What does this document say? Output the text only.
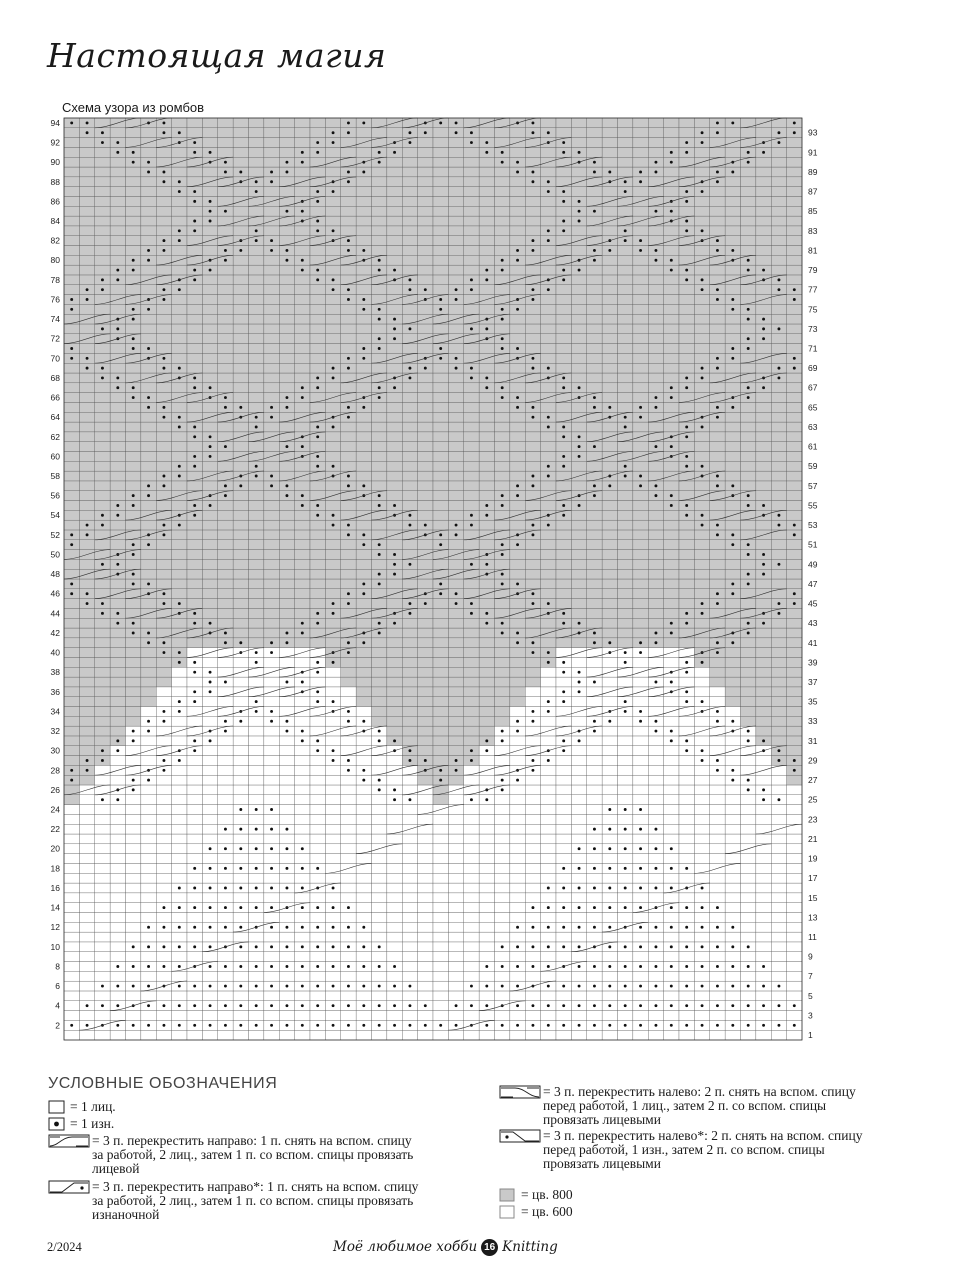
Настоящая магия
Схема узора из ромбов
2
4
6
8
10
12
14
16
18
20
22
24
26
28
30
32
34
36
38
40
42
44
46
48
50
52
54
56
58
60
62
64
66
68
70
72
74
76
78
80
82
84
86
88
90
92
94
1
3
5
7
9
11
13
15
17
19
21
23
25
27
29
31
33
35
37
39
41
43
45
47
49
51
53
55
57
59
61
63
65
67
69
71
73
75
77
79
81
83
85
87
89
91
93
УСЛОВНЫЕ ОБОЗНАЧЕНИЯ
= 1 лиц.
= 1 изн.
= 3 п. перекрестить направо: 1 п. снять на вспом. спицу
за работой, 2 лиц., затем 1 п. со вспом. спицы провязать
лицевой
= 3 п. перекрестить направо*: 1 п. снять на вспом. спицу
за работой, 2 лиц., затем 1 п. со вспом. спицы провязать
изнаночной
= 3 п. перекрестить налево: 2 п. снять на вспом. спицу
перед работой, 1 лиц., затем 2 п. со вспом. спицы
провязать лицевыми
= 3 п. перекрестить налево*: 2 п. снять на вспом. спицу
перед работой, 1 изн., затем 2 п. со вспом. спицы
провязать лицевыми
= цв. 800
= цв. 600
2/2024	Моё любимое хобби 16 Knitting
